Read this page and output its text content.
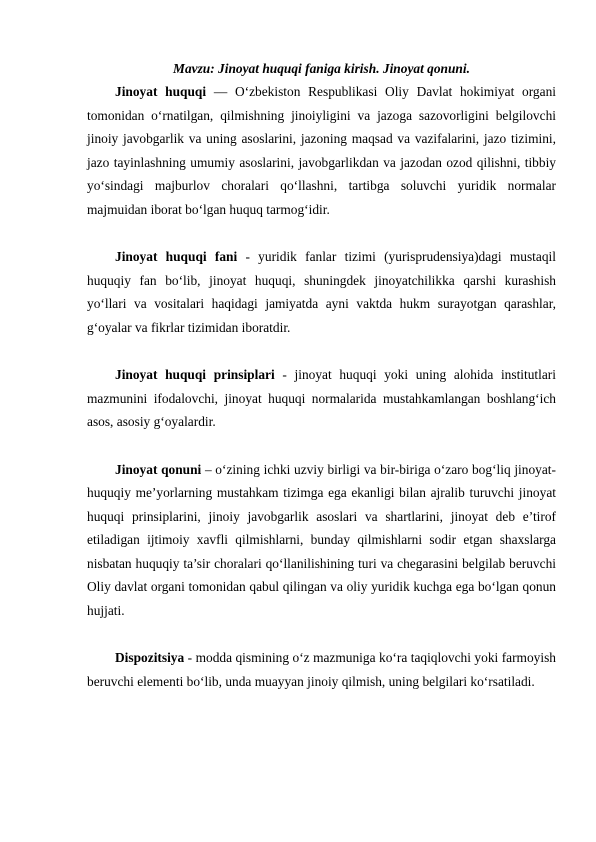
Mavzu: Jinoyat huquqi faniga kirish. Jinoyat qonuni.

Jinoyat huquqi — O‘zbekiston Respublikasi Oliy Davlat hokimiyat organi tomonidan o‘rnatilgan, qilmishning jinoiyligini va jazoga sazovorligini belgilovchi jinoiy javobgarlik va uning asoslarini, jazoning maqsad va vazifalarini, jazo tizimini, jazo tayinlashning umumiy asoslarini, javobgarlikdan va jazodan ozod qilishni, tibbiy yo‘sindagi majburlov choralari qo‘llashni, tartibga soluvchi yuridik normalar majmuidan iborat bo‘lgan huquq tarmog‘idir.

Jinoyat huquqi fani - yuridik fanlar tizimi (yurisprudensiya)dagi mustaqil huquqiy fan bo‘lib, jinoyat huquqi, shuningdek jinoyatchilikka qarshi kurashish yo‘llari va vositalari haqidagi jamiyatda ayni vaktda hukm surayotgan qarashlar, g‘oyalar va fikrlar tizimidan iboratdir.

Jinoyat huquqi prinsiplari - jinoyat huquqi yoki uning alohida institutlari mazmunini ifodalovchi, jinoyat huquqi normalarida mustahkamlangan boshlang‘ich asos, asosiy g‘oyalardir.

Jinoyat qonuni – o‘zining ichki uzviy birligi va bir-biriga o‘zaro bog‘liq jinoyat-huquqiy me’yorlarning mustahkam tizimga ega ekanligi bilan ajralib turuvchi jinoyat huquqi prinsiplarini, jinoiy javobgarlik asoslari va shartlarini, jinoyat deb e’tirof etiladigan ijtimoiy xavfli qilmishlarni, bunday qilmishlarni sodir etgan shaxslarga nisbatan huquqiy ta’sir choralari qo‘llanilishining turi va chegarasini belgilab beruvchi Oliy davlat organi tomonidan qabul qilingan va oliy yuridik kuchga ega bo‘lgan qonun hujjati.

Dispozitsiya - modda qismining o‘z mazmuniga ko‘ra taqiqlovchi yoki farmoyish beruvchi elementi bo‘lib, unda muayyan jinoiy qilmish, uning belgilari ko‘rsatiladi.
